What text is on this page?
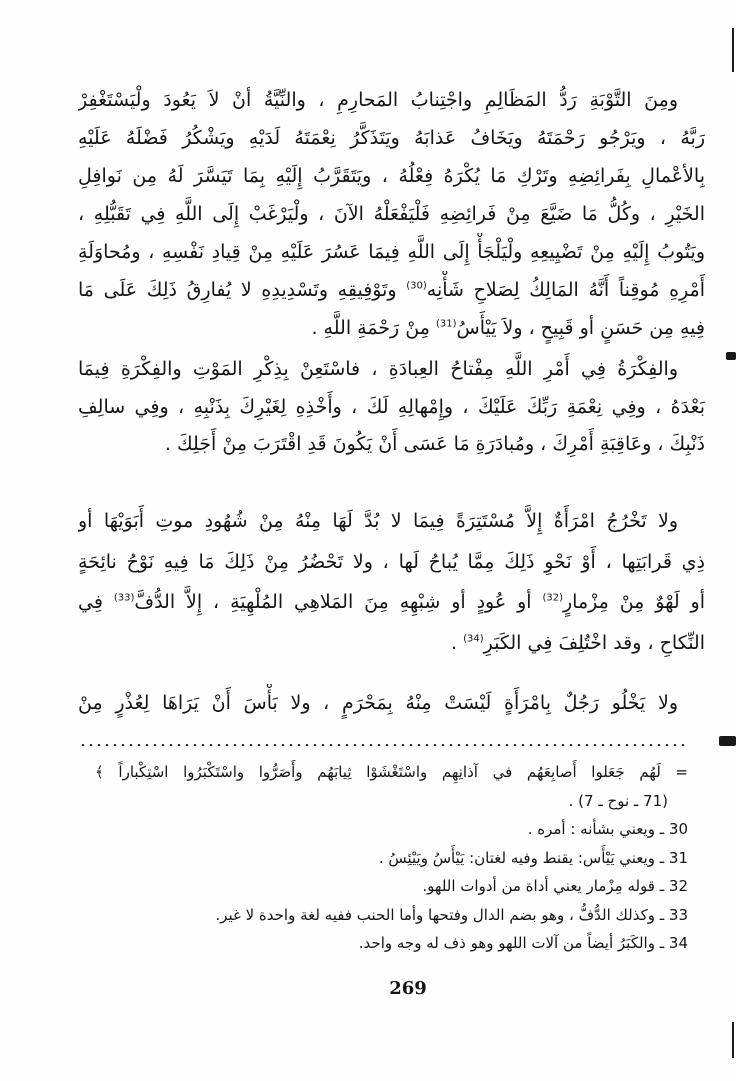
ومِنَ التَّوْبَةِ رَدُّ المَظَالِمِ واجْتِنابُ المَحارِمِ ، والنِّيَّةُ أنْ لاَ يَعُودَ ولْيَسْتَغْفِرْ
رَبَّهُ ، ويَرْجُو رَحْمَتَهُ ويَخَافُ عَذابَهُ ويَتَذَكَّرُ نِعْمَتَهُ لَدَيْهِ ويَشْكُرُ فَضْلَهُ عَلَيْهِ
بِالأعْمالِ بِفَرائِضِهِ وتَرْكِ مَا يُكْرَهُ فِعْلُهُ ، ويَتَقَرَّبُ إِلَيْهِ بِمَا تَيَسَّرَ لَهُ مِن نَوافِلِ
الخَيْرِ ، وكُلُّ مَا ضَيَّعَ مِنْ فَرائِضِهِ فَلْيَفْعَلْهُ الآنَ ، ولْيَرْغَبْ إِلَى اللَّهِ فِي تَقَبُّلِهِ ،
ويَتُوبُ إِلَيْهِ مِنْ تَضْيِيعِهِ ولْيَلْجَأْ إِلَى اللَّهِ فِيمَا عَسُرَ عَلَيْهِ مِنْ قِيادِ نَفْسِهِ ، ومُحاوَلَةِ
أَمْرِهِ مُوقِناً أَنَّهُ المَالِكُ لِصَلاحِ شَأْنِه$^{(30)}$ وتَوْفِيقِهِ وتَسْدِيدِهِ لا يُفارِقُ ذَلِكَ عَلَى مَا
فِيهِ مِن حَسَنٍ أو قَبِيحٍ ، ولاَ يَيْأَسُ$^{(31)}$ مِنْ رَحْمَةِ اللَّهِ .
والفِكْرَةُ فِي أَمْرِ اللَّهِ مِفْتاحُ العِبادَةِ ، فاسْتَعِنْ بِذِكْرِ المَوْتِ والفِكْرَةِ فِيمَا
بَعْدَهُ ، وفِي نِعْمَةِ رَبِّكَ عَلَيْكَ ، وإِمْهالِهِ لَكَ ، وأَخْذِهِ لِغَيْرِكَ بِذَنْبِهِ ، وفِي سالِفِ
ذَنْبِكَ ، وعَاقِبَةِ أَمْرِكَ ، ومُبادَرَةِ مَا عَسَى أَنْ يَكُونَ قَدِ اقْتَرَبَ مِنْ أَجَلِكَ .
ولا تَخْرُجُ امْرَأَةٌ إِلاَّ مُسْتَتِرَةً فِيمَا لا بُدَّ لَهَا مِنْهُ مِنْ شُهُودِ موتِ أَبَوَيْهَا أو
ذِي قَرابَتِها ، أَوْ نَحْوِ ذَلِكَ مِمَّا يُباحُ لَها ، ولا تَحْضُرُ مِنْ ذَلِكَ مَا فِيهِ نَوْحُ نائِحَةٍ
أو لَهْوٌ مِنْ مِزْمارٍ$^{(32)}$ أو عُودٍ أو شِبْهِهِ مِنَ المَلاهِي المُلْهِيَةِ ، إِلاَّ الدُّفَّ$^{(33)}$ فِي
النِّكاحِ ، وقد اخْتُلِفَ فِي الكَبَرِ$^{(34)}$ .
ولا يَخْلُو رَجُلٌ بِامْرَأَةٍ لَيْسَتْ مِنْهُ بِمَحْرَمٍ ، ولا بَأْسَ أَنْ يَرَاهَا لِعُذْرٍ مِنْ
= لَهُم جَعَلوا أَصابِعَهُم في آذانِهِم واسْتَغْشَوْا ثِيابَهُم وأَصَرُّوا واسْتَكْبَرُوا اسْتِكْباراً ﴾
(71 ـ نوح ـ 7) .
30 ـ ويعني بشأنه : أمره .
31 ـ ويعني يَيْأَس: يقنط وفيه لغتان: يَيْأَسُ ويَيْئِسُ .
32 ـ قوله مِزْمار يعني أداة من أدوات اللهو.
33 ـ وكذلك الدُّفُّ ، وهو بضم الدال وفتحها وأما الحنب ففيه لغة واحدة لا غير.
34 ـ والكَبَرُ أيضاً من آلات اللهو وهو ذف له وجه واحد.
269
